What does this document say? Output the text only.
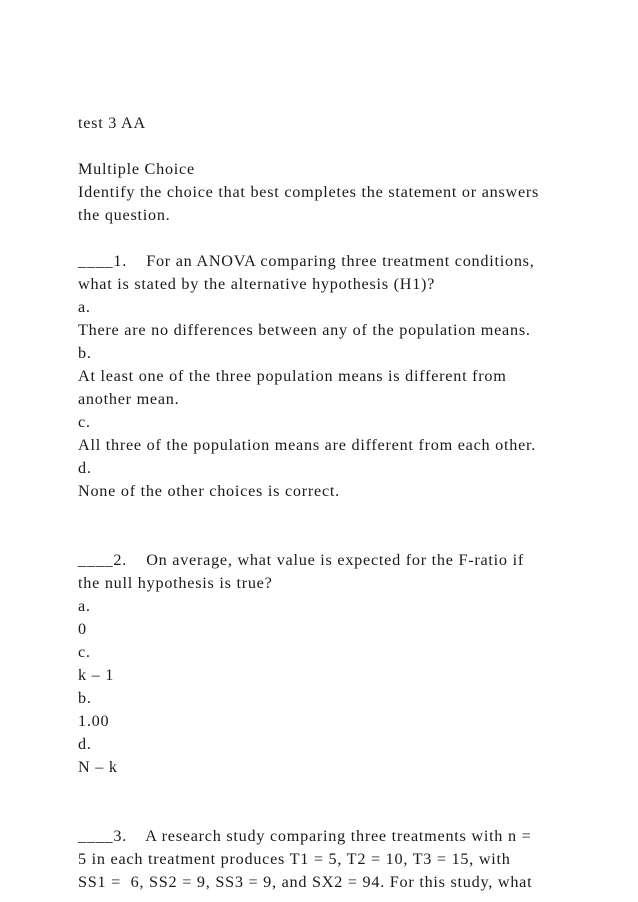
test 3 AA
Multiple Choice
Identify the choice that best completes the statement or answers
the question.
____1.    For an ANOVA comparing three treatment conditions,
what is stated by the alternative hypothesis (H1)?
a.
There are no differences between any of the population means.
b.
At least one of the three population means is different from
another mean.
c.
All three of the population means are different from each other.
d.
None of the other choices is correct.
____2.    On average, what value is expected for the F-ratio if
the null hypothesis is true?
a.
0
c.
k – 1
b.
1.00
d.
N – k
____3.    A research study comparing three treatments with n =
5 in each treatment produces T1 = 5, T2 = 10, T3 = 15, with
SS1 =  6, SS2 = 9, SS3 = 9, and SX2 = 94. For this study, what
